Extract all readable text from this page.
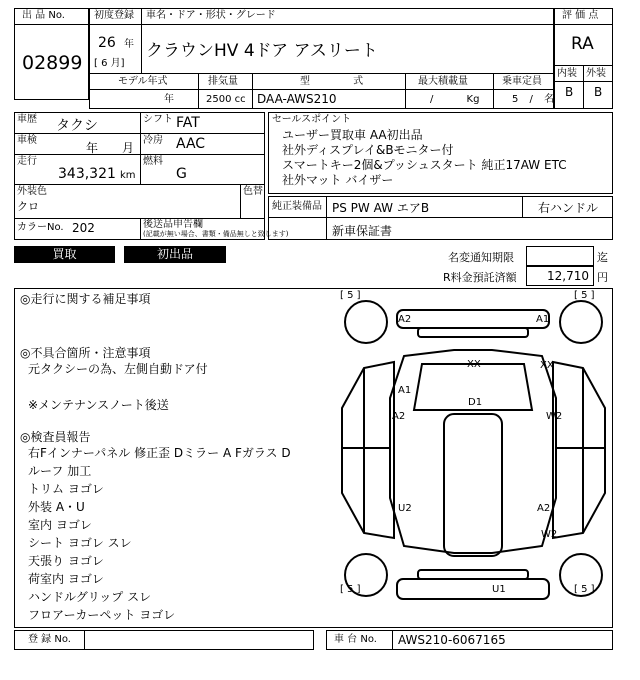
出 品 No.
02899
初度登録
26 年
[ 6 月]
車名・ドア・形状・グレード
クラウンHV 4ドア アスリート
モデル年式
年
排気量
2500 cc
型 式
DAA-AWS210
最大積載量
/ Kg
乗車定員
5 / 名
評 価 点
RA
内装 外装
B B
車歴 タクシ	シフト FAT
車検
年 月
冷房 AAC
走行
343,321 km
燃料
G
外装色
クロ
色替
カラーNo. 202	後送品申告欄
(記載が無い場合、書類・備品無しと致します)
セールスポイント
ユーザー買取車 AA初出品
社外ディスプレイ&Bモニター付
スマートキー2個&プッシュスタート 純正17AW ETC
社外マット バイザー
純正装備品 PS PW AW エアB	右ハンドル
新車保証書
買取	初出品	名変通知期限	迄
R料金預託済額	12,710 円
◎走行に関する補足事項
◎不具合箇所・注意事項
元タクシーの為、左側自動ドア付
※メンテナンスノート後送
◎検査員報告
右Fインナーパネル 修正歪 Dミラー A Fガラス D
ルーフ 加工
トリム ヨゴレ
外装 A・U
室内 ヨゴレ
シート ヨゴレ スレ
天張り ヨゴレ
荷室内 ヨゴレ
ハンドルグリップ スレ
フロアーカーペット ヨゴレ
[ 5 ]	[ 5 ]
[ 5 ]	[ 5 ]
A2	A1
XX	XX
A1
D1
A2	W2
U2	A2
W2
U1
登 録 No.	車 台 No. AWS210-6067165
